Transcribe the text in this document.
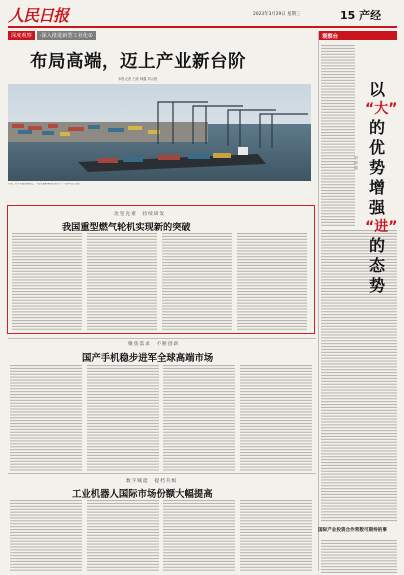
人民日报	2023年3月29日 星期三	15 产经
深度观察	·深入推进新型工业化②
布局高端，迈上产业新台阶
本报记者 王政 韩鑫 刘山根
日前，位于天津的某港口，一批集装箱堆场忙而有序...（新华社记者摄）
攻坚克难　持续研发
我国重型燃气轮机实现新的突破
聚焦需求　不断创新
国产手机稳步进军全球高端市场
数字赋能　提档升级
工业机器人国际市场份额大幅提高
观察台
以
“大”
的
优
势
增
强
“进”
的
态
势
刘炳超
国际产业投资合作常数可期待的事
